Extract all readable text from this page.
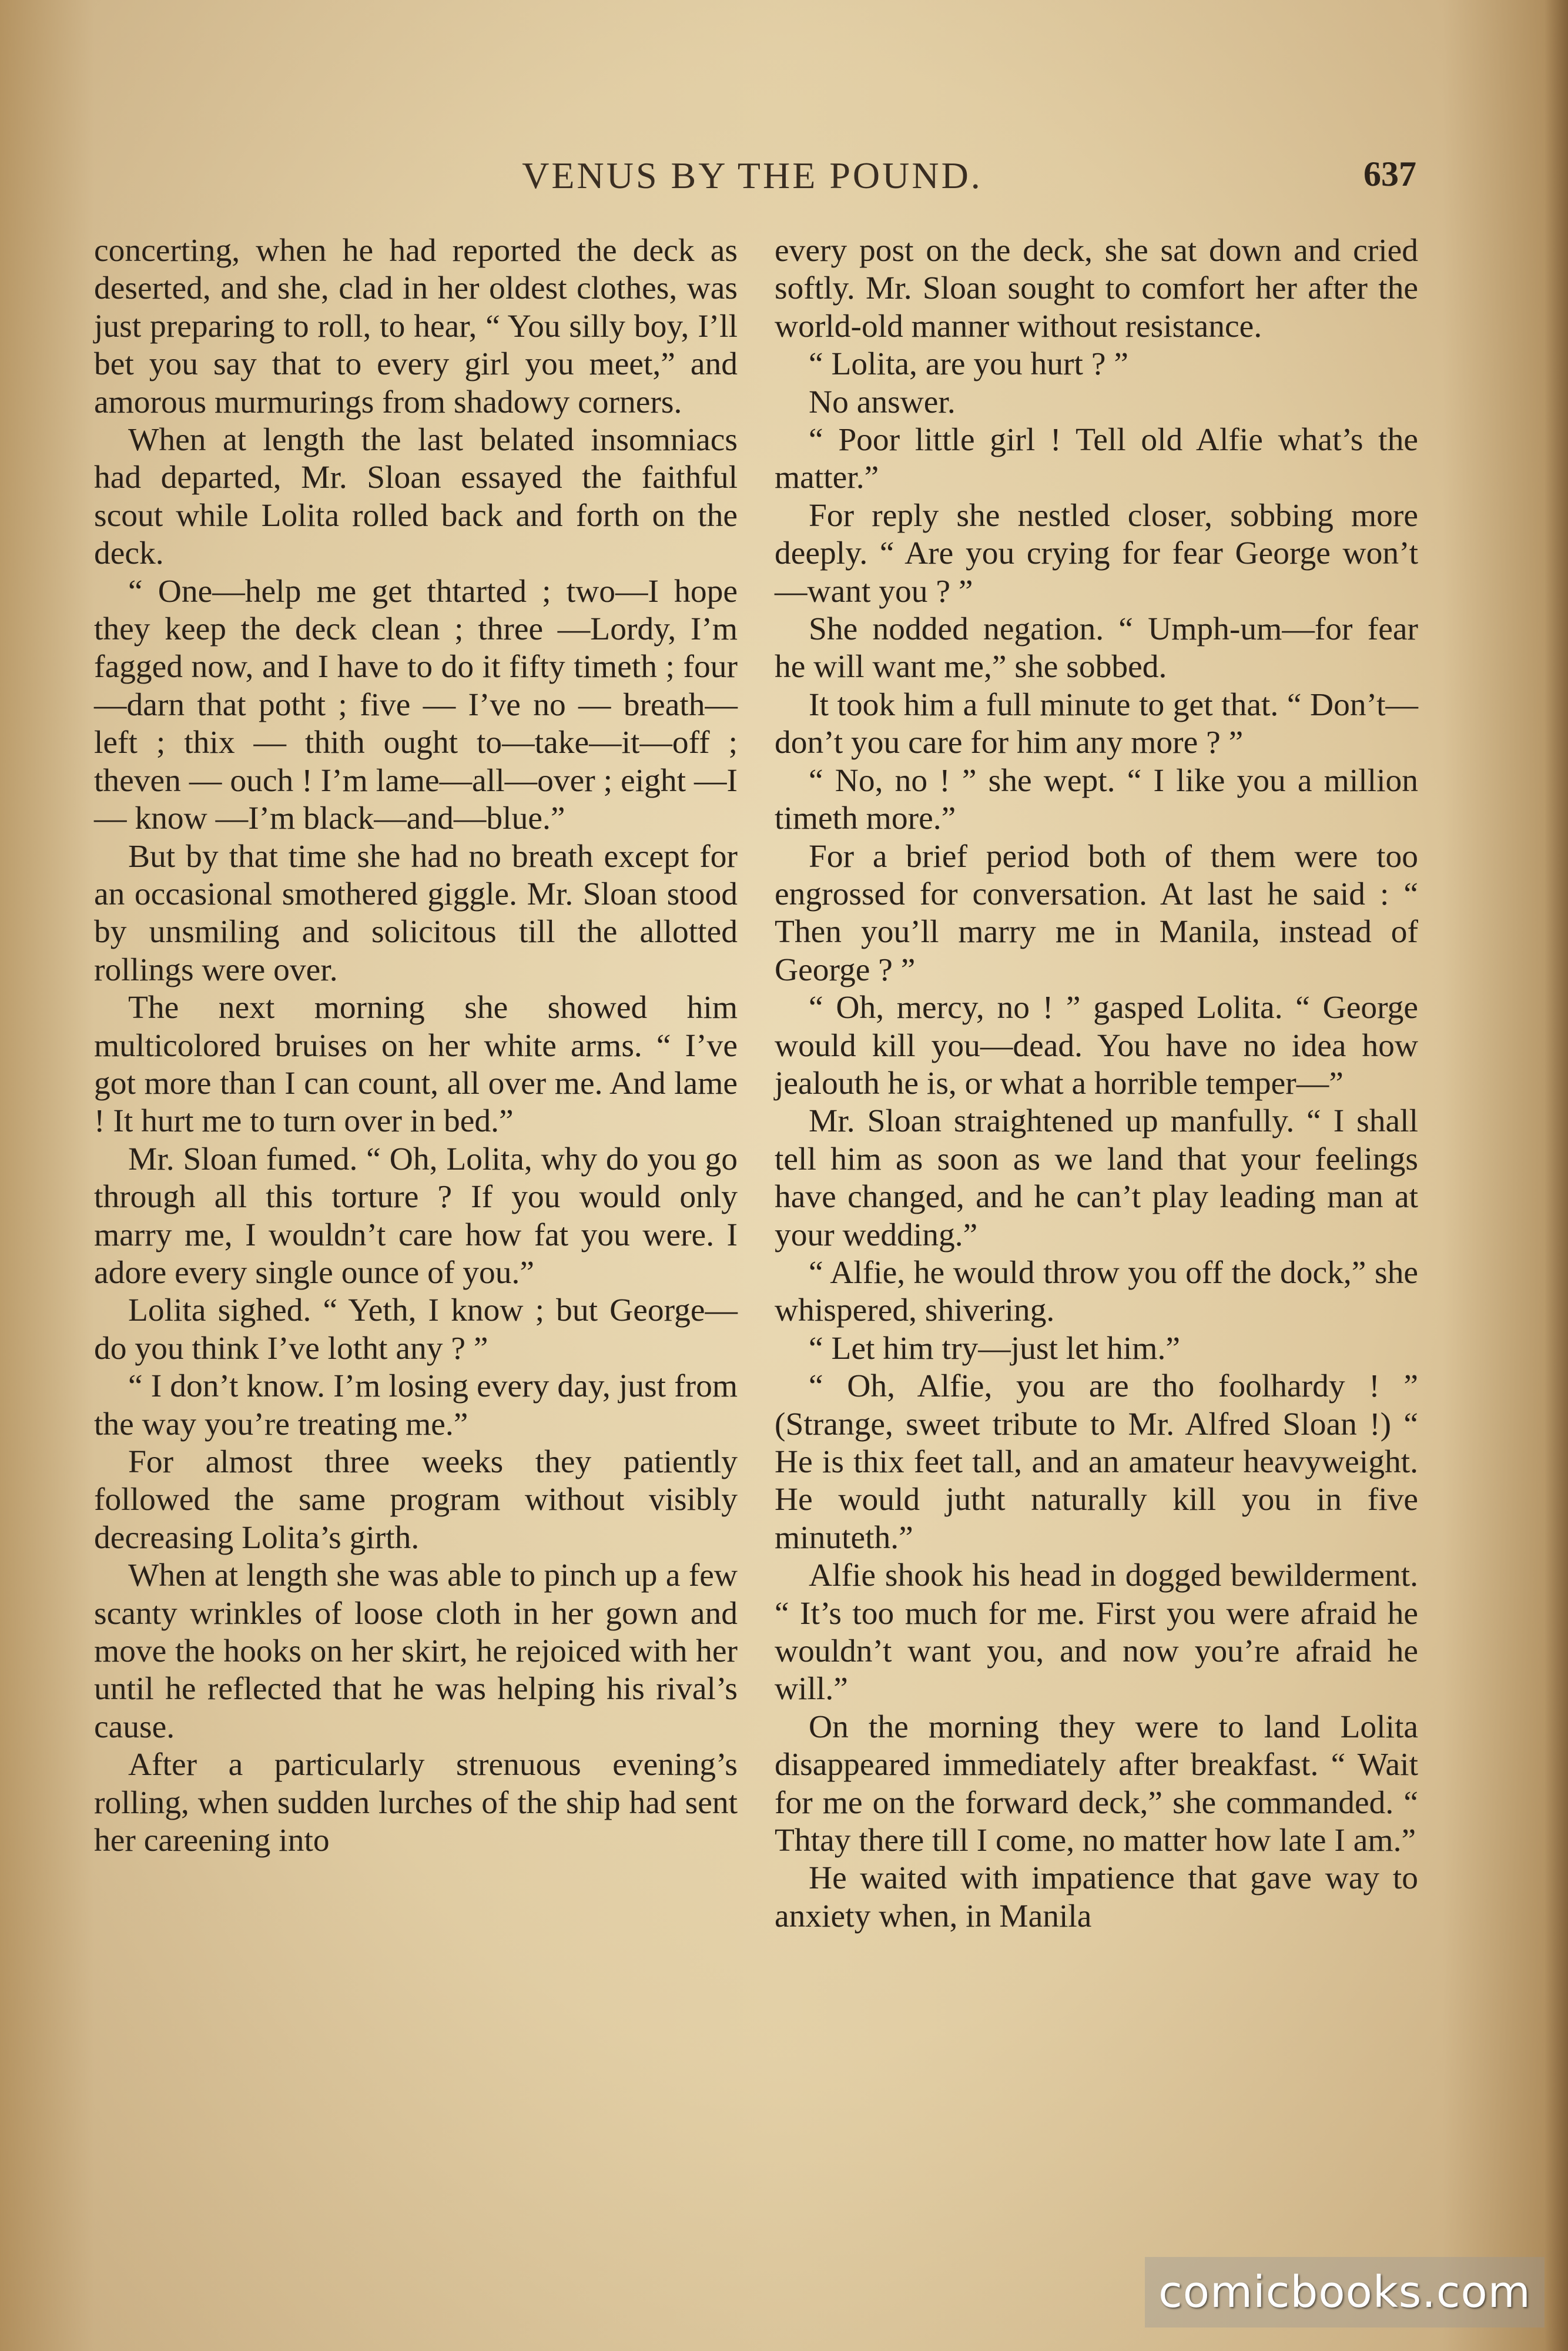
VENUS BY THE POUND.	637

concerting, when he had reported the deck as deserted, and she, clad in her oldest clothes, was just preparing to roll, to hear, “ You silly boy, I’ll bet you say that to every girl you meet,” and amorous murmurings from shadowy corners.

When at length the last belated insomniacs had departed, Mr. Sloan essayed the faithful scout while Lolita rolled back and forth on the deck.

“ One—help me get thtarted ; two—I hope they keep the deck clean ; three —Lordy, I’m fagged now, and I have to do it fifty timeth ; four—darn that potht ; five — I’ve no — breath—left ; thix — thith ought to—take—it—off ; theven — ouch ! I’m lame—all—over ; eight —I — know —I’m black—and—blue.”

But by that time she had no breath except for an occasional smothered giggle. Mr. Sloan stood by unsmiling and solicitous till the allotted rollings were over.

The next morning she showed him multicolored bruises on her white arms. “ I’ve got more than I can count, all over me. And lame ! It hurt me to turn over in bed.”

Mr. Sloan fumed. “ Oh, Lolita, why do you go through all this torture ? If you would only marry me, I wouldn’t care how fat you were. I adore every single ounce of you.”

Lolita sighed. “ Yeth, I know ; but George—do you think I’ve lotht any ? ”

“ I don’t know. I’m losing every day, just from the way you’re treating me.”

For almost three weeks they patiently followed the same program without visibly decreasing Lolita’s girth.

When at length she was able to pinch up a few scanty wrinkles of loose cloth in her gown and move the hooks on her skirt, he rejoiced with her until he reflected that he was helping his rival’s cause.

After a particularly strenuous evening’s rolling, when sudden lurches of the ship had sent her careening into

every post on the deck, she sat down and cried softly. Mr. Sloan sought to comfort her after the world-old manner without resistance.

“ Lolita, are you hurt ? ”

No answer.

“ Poor little girl ! Tell old Alfie what’s the matter.”

For reply she nestled closer, sobbing more deeply. “ Are you crying for fear George won’t—want you ? ”

She nodded negation. “ Umph-um—for fear he will want me,” she sobbed.

It took him a full minute to get that. “ Don’t—don’t you care for him any more ? ”

“ No, no ! ” she wept. “ I like you a million timeth more.”

For a brief period both of them were too engrossed for conversation. At last he said : “ Then you’ll marry me in Manila, instead of George ? ”

“ Oh, mercy, no ! ” gasped Lolita. “ George would kill you—dead. You have no idea how jealouth he is, or what a horrible temper—”

Mr. Sloan straightened up manfully. “ I shall tell him as soon as we land that your feelings have changed, and he can’t play leading man at your wedding.”

“ Alfie, he would throw you off the dock,” she whispered, shivering.

“ Let him try—just let him.”

“ Oh, Alfie, you are tho foolhardy ! ” (Strange, sweet tribute to Mr. Alfred Sloan !) “ He is thix feet tall, and an amateur heavyweight. He would jutht naturally kill you in five minuteth.”

Alfie shook his head in dogged bewilderment. “ It’s too much for me. First you were afraid he wouldn’t want you, and now you’re afraid he will.”

On the morning they were to land Lolita disappeared immediately after breakfast. “ Wait for me on the forward deck,” she commanded. “ Thtay there till I come, no matter how late I am.”

He waited with impatience that gave way to anxiety when, in Manila

comicbooks.com
